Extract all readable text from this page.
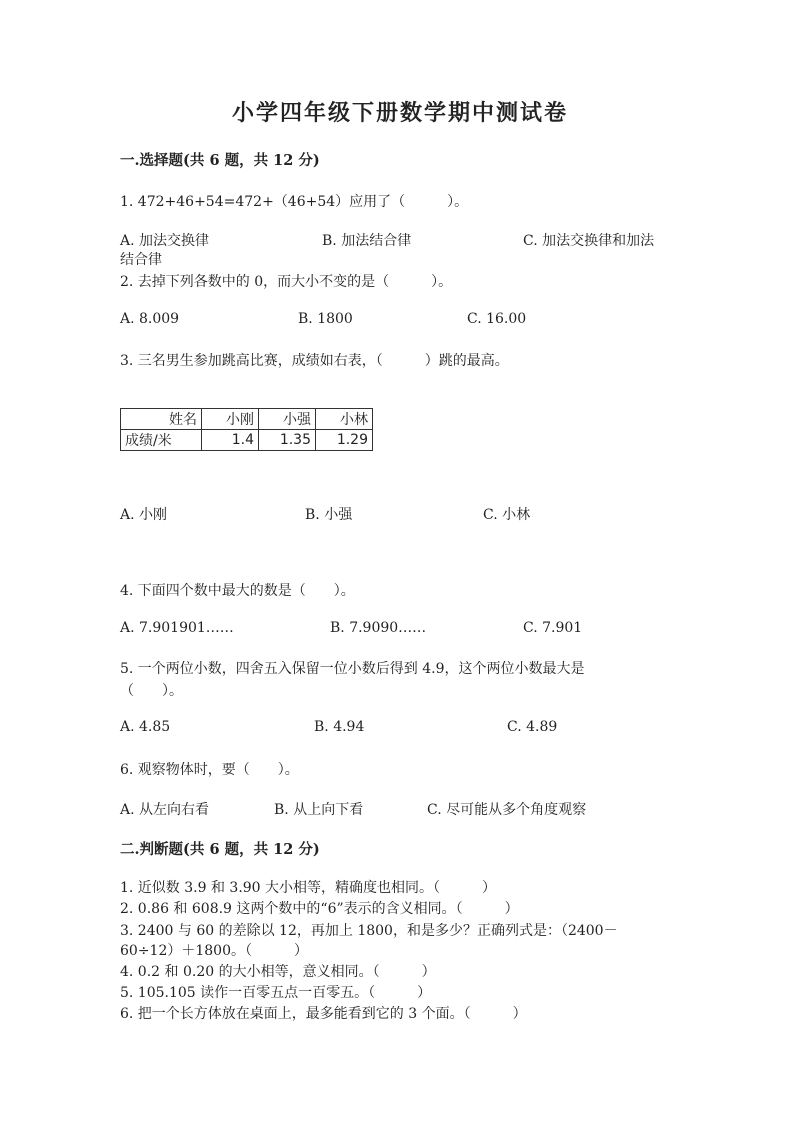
小学四年级下册数学期中测试卷
一.选择题(共 6 题，共 12 分)
1. 472+46+54=472+（46+54）应用了（　　　）。
A. 加法交换律	B. 加法结合律	C. 加法交换律和加法
结合律
2. 去掉下列各数中的 0，而大小不变的是（　　　）。
A. 8.009	B. 1800	C. 16.00
3. 三名男生参加跳高比赛，成绩如右表，（　　　）跳的最高。
姓名	小刚	小强	小林
成绩/米	1.4	1.35	1.29
A. 小刚	B. 小强	C. 小林
4. 下面四个数中最大的数是（　　）。
A. 7.901901……	B. 7.9090……	C. 7.901
5. 一个两位小数，四舍五入保留一位小数后得到 4.9，这个两位小数最大是
（　　）。
A. 4.85	B. 4.94	C. 4.89
6. 观察物体时，要（　　）。
A. 从左向右看	B. 从上向下看	C. 尽可能从多个角度观察
二.判断题(共 6 题，共 12 分)
1. 近似数 3.9 和 3.90 大小相等，精确度也相同。（　　　）
2. 0.86 和 608.9 这两个数中的“6”表示的含义相同。（　　　）
3. 2400 与 60 的差除以 12，再加上 1800，和是多少？正确列式是：（2400－
60÷12）＋1800。（　　　）
4. 0.2 和 0.20 的大小相等，意义相同。（　　　）
5. 105.105 读作一百零五点一百零五。（　　　）
6. 把一个长方体放在桌面上，最多能看到它的 3 个面。（　　　）
